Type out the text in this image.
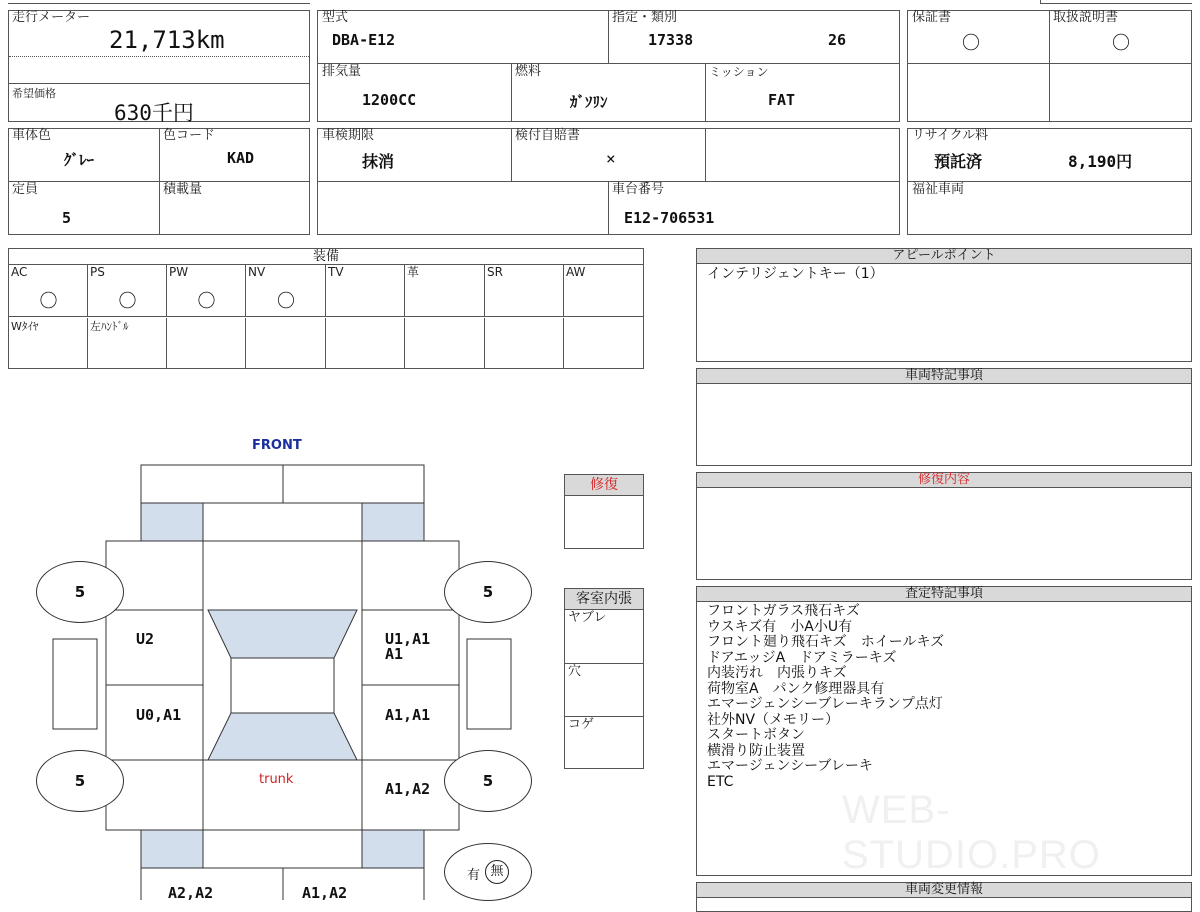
走行メーター
21,713km
希望価格
630千円
型式
DBA-E12
指定・類別
17338	26
排気量
1200CC
燃料
ｶﾞｿﾘﾝ
ミッション
FAT
保証書
〇
取扱説明書
〇
車体色
ｸﾞﾚｰ
色コード
KAD
定員
5
積載量
車検期限
抹消
検付自賠書
×
車台番号
E12-706531
リサイクル料
預託済	8,190円
福祉車両
装備
AC
〇
PS
〇
PW
〇
NV
〇
TV	革	SR	AW
Wﾀｲﾔ	左ﾊﾝﾄﾞﾙ
アピールポイント
インテリジェントキー（1）
車両特記事項
修復内容
査定特記事項
フロントガラス飛石キズ
ウスキズ有　小A小U有
フロント廻り飛石キズ　ホイールキズ
ドアエッジA　ドアミラーキズ
内装汚れ　内張りキズ
荷物室A　パンク修理器具有
エマージェンシーブレーキランプ点灯
社外NV（メモリー）
スタートボタン
横滑り防止装置
エマージェンシーブレーキ
ETC
車両変更情報
修復
客室内張
ヤブレ
穴
コゲ
5	5
5	5
FRONT
trunk
U2	U1,A1
A1
U0,A1	A1,A1
A1,A2
A2,A2	A1,A2
有 無
WEB-STUDIO.PRO
